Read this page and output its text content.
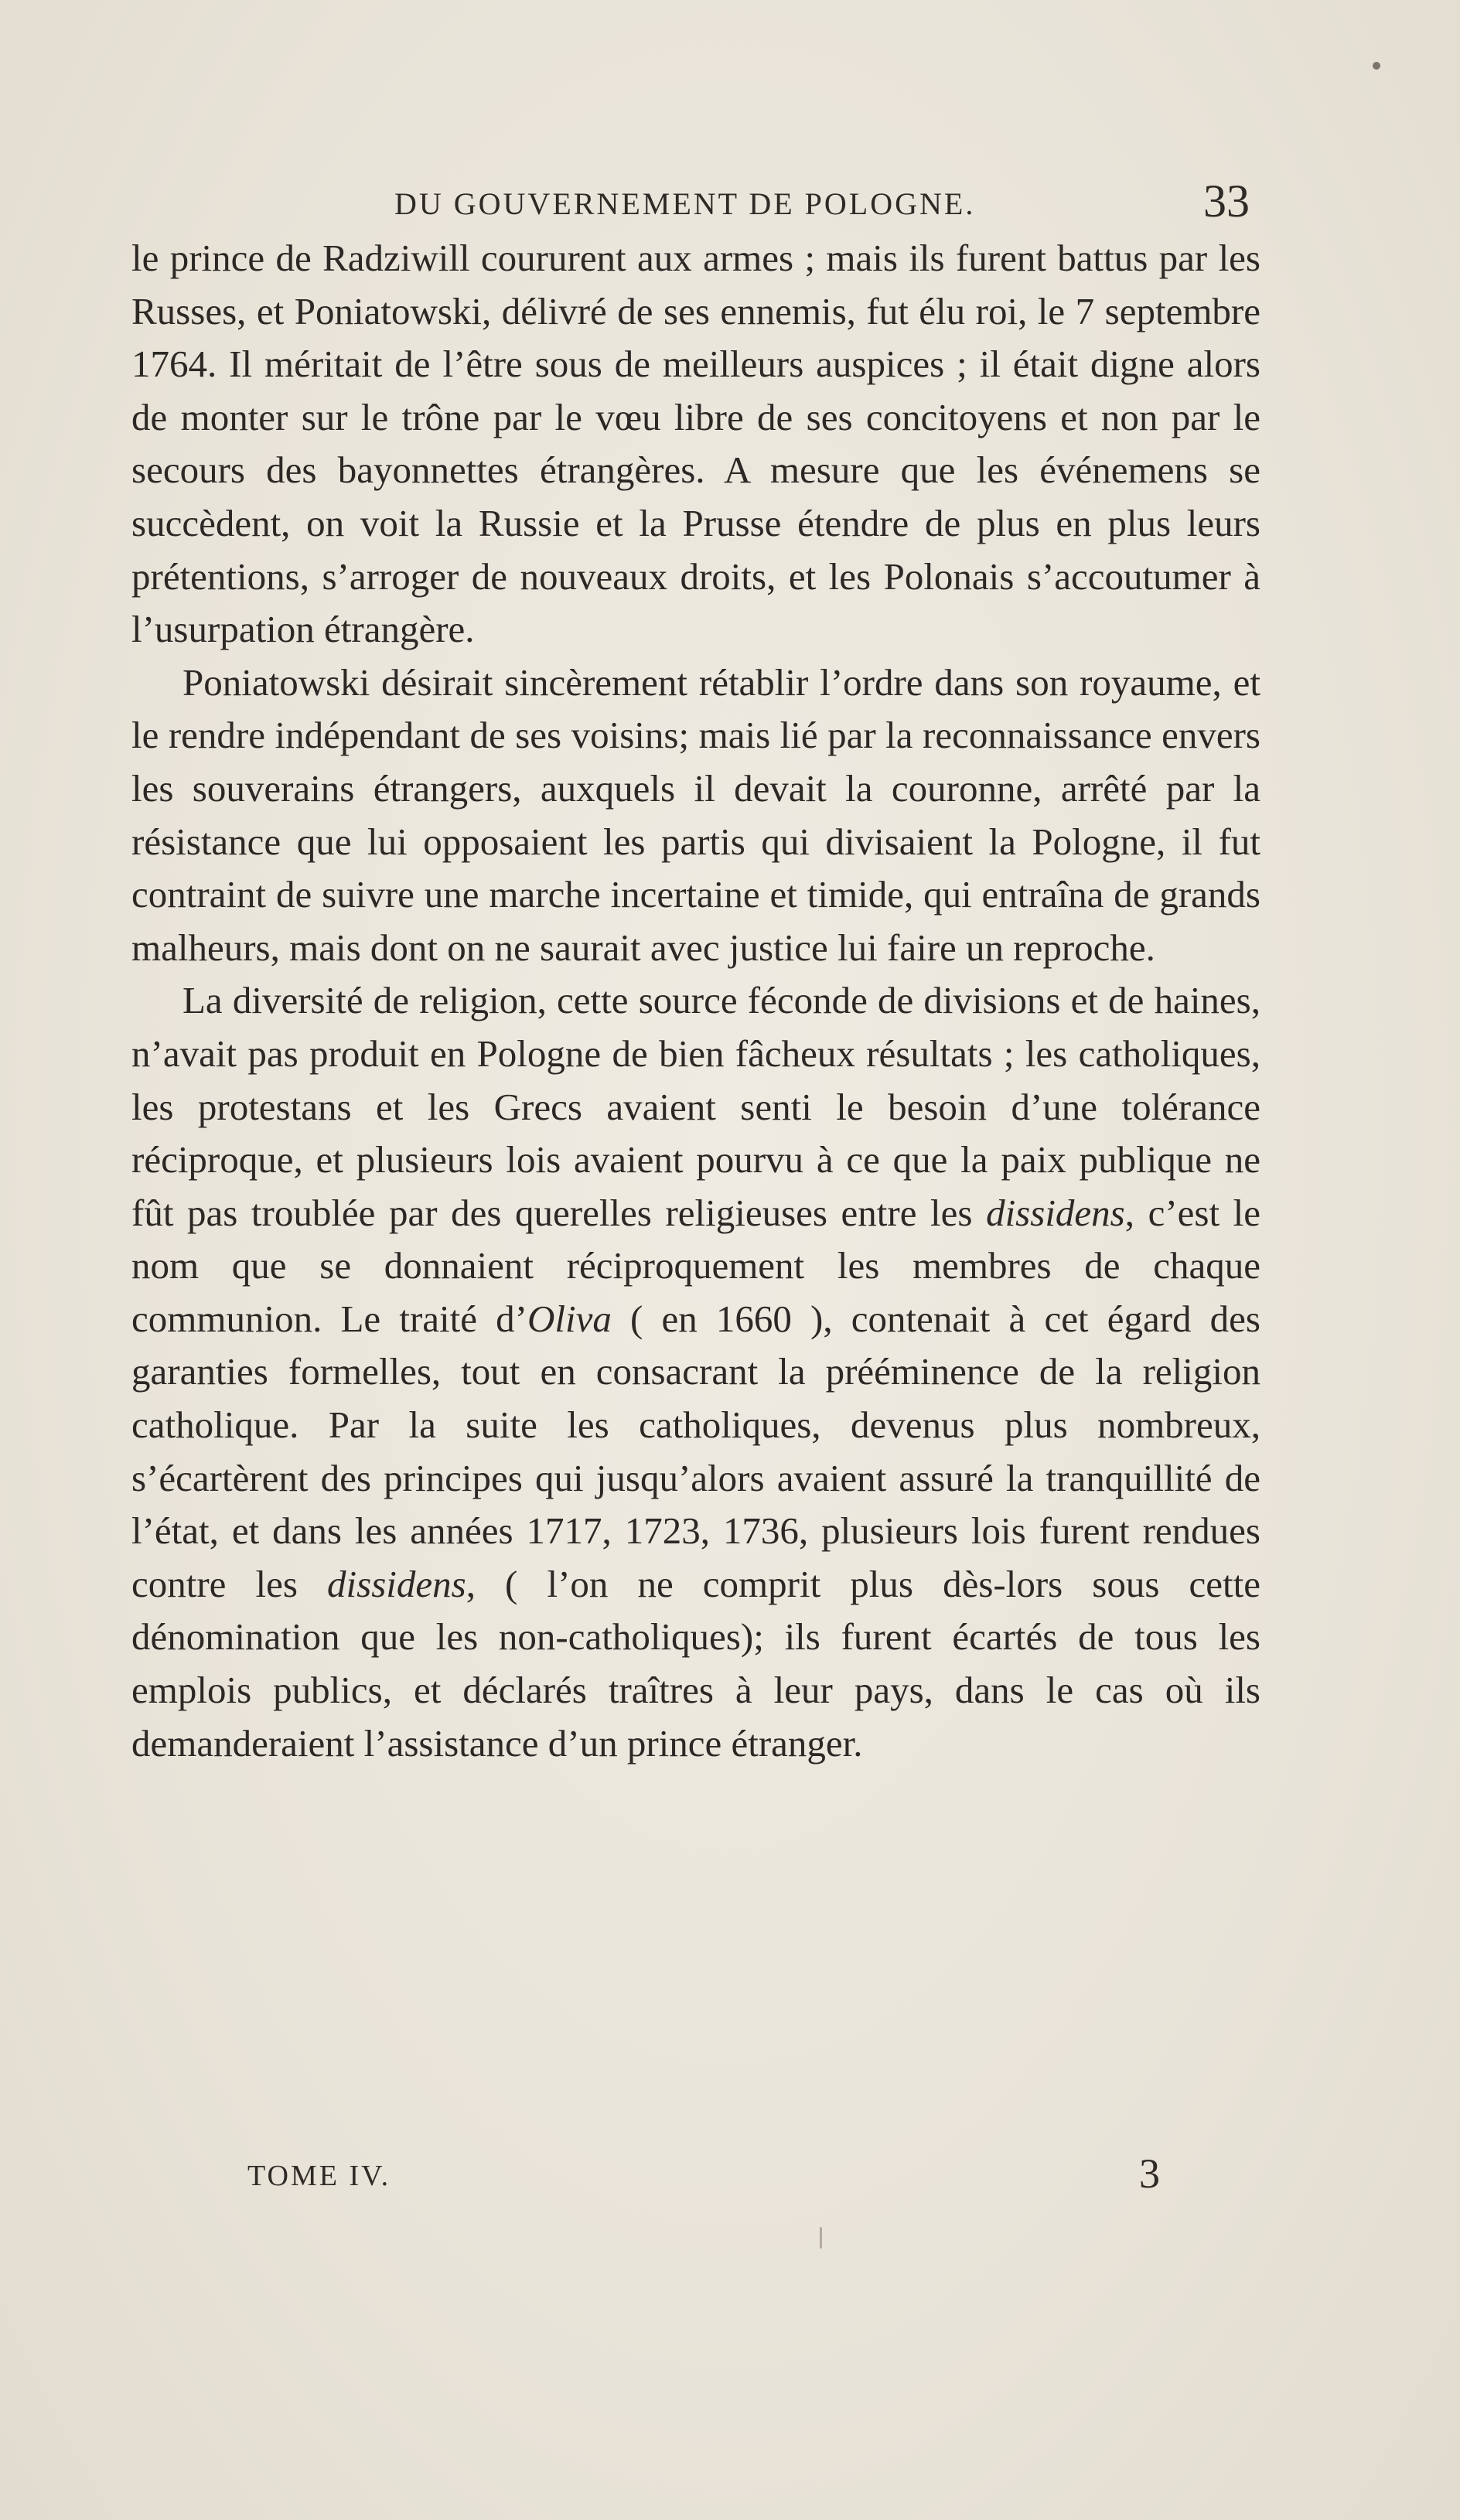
DU GOUVERNEMENT DE POLOGNE.	33

le prince de Radziwill coururent aux armes ; mais ils furent battus par les Russes, et Poniatowski, délivré de ses ennemis, fut élu roi, le 7 septembre 1764. Il méritait de l’être sous de meilleurs auspices ; il était digne alors de monter sur le trône par le vœu libre de ses concitoyens et non par le secours des bayonnettes étrangères. A mesure que les événemens se succèdent, on voit la Russie et la Prusse étendre de plus en plus leurs prétentions, s’arroger de nouveaux droits, et les Polonais s’accoutumer à l’usurpation étrangère.

Poniatowski désirait sincèrement rétablir l’ordre dans son royaume, et le rendre indépendant de ses voisins; mais lié par la reconnaissance envers les souverains étrangers, auxquels il devait la couronne, arrêté par la résistance que lui opposaient les partis qui divisaient la Pologne, il fut contraint de suivre une marche incertaine et timide, qui entraîna de grands malheurs, mais dont on ne saurait avec justice lui faire un reproche.

La diversité de religion, cette source féconde de divisions et de haines, n’avait pas produit en Pologne de bien fâcheux résultats ; les catholiques, les protestans et les Grecs avaient senti le besoin d’une tolérance réciproque, et plusieurs lois avaient pourvu à ce que la paix publique ne fût pas troublée par des querelles religieuses entre les dissidens, c’est le nom que se donnaient réciproquement les membres de chaque communion. Le traité d’Oliva ( en 1660 ), contenait à cet égard des garanties formelles, tout en consacrant la prééminence de la religion catholique. Par la suite les catholiques, devenus plus nombreux, s’écartèrent des principes qui jusqu’alors avaient assuré la tranquillité de l’état, et dans les années 1717, 1723, 1736, plusieurs lois furent rendues contre les dissidens, ( l’on ne comprit plus dès-lors sous cette dénomination que les non-catholiques); ils furent écartés de tous les emplois publics, et déclarés traîtres à leur pays, dans le cas où ils demanderaient l’assistance d’un prince étranger.

TOME IV.	3
